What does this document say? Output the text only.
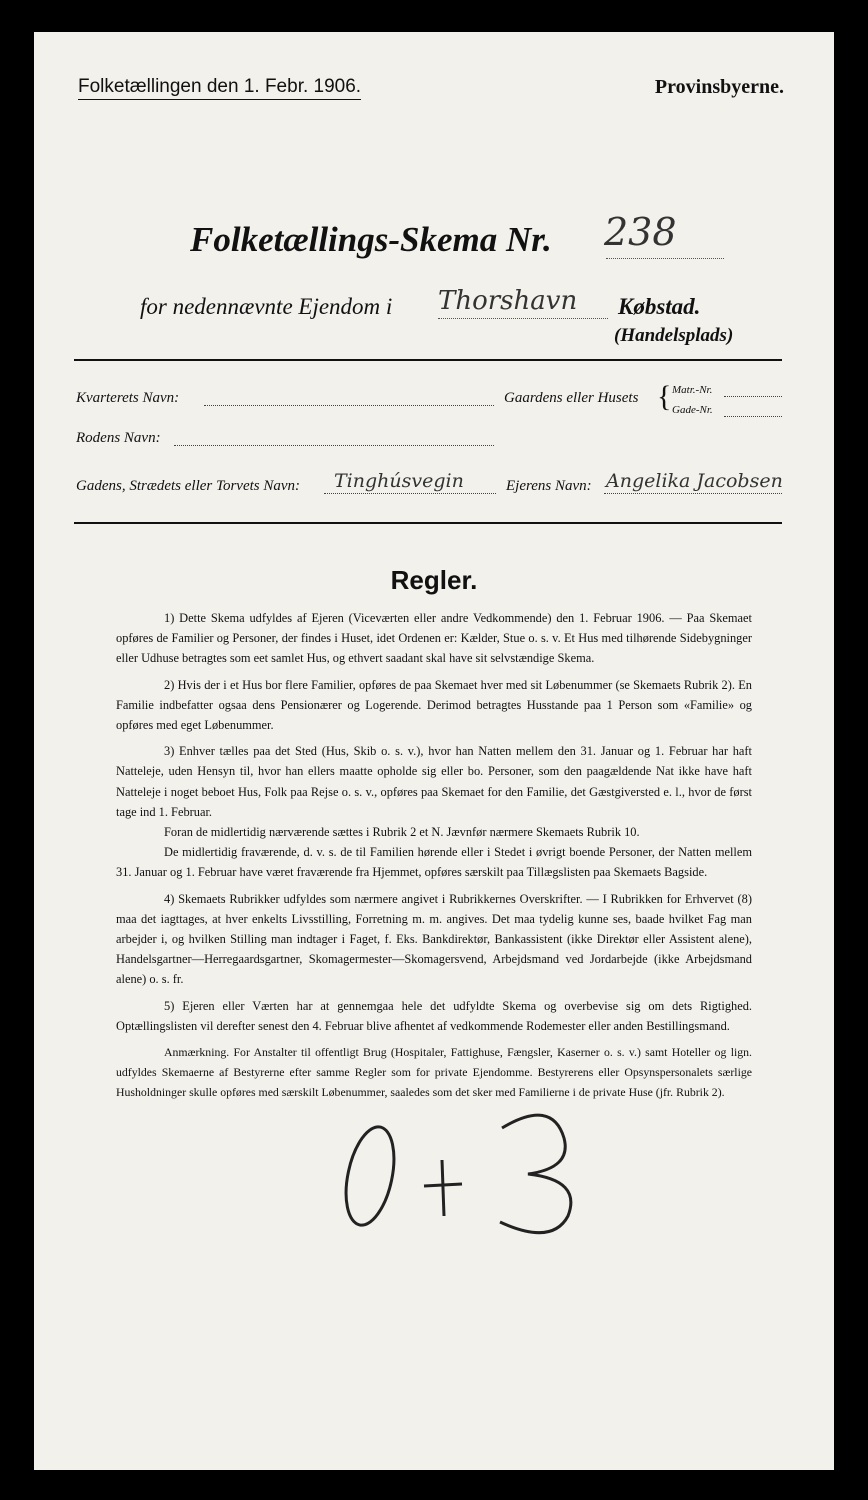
Folketællingen den 1. Febr. 1906.	Provinsbyerne.
Folketællings-Skema Nr. 238
for nedennævnte Ejendom i Thorshavn	Købstad.
(Handelsplads)
Kvarterets Navn:	Gaardens eller Husets { Matr.-Nr.
Gade-Nr.
Rodens Navn:
Gadens, Strædets eller Torvets Navn: Tinghúsvegin	Ejerens Navn: Angelika Jacobsen
Regler.

1) Dette Skema udfyldes af Ejeren (Viceværten eller andre Vedkommende) den 1. Februar 1906. — Paa Skemaet opføres de Familier og Personer, der findes i Huset, idet Ordenen er: Kælder, Stue o. s. v. Et Hus med tilhørende Sidebygninger eller Udhuse betragtes som eet samlet Hus, og ethvert saadant skal have sit selvstændige Skema.

2) Hvis der i et Hus bor flere Familier, opføres de paa Skemaet hver med sit Løbenummer (se Skemaets Rubrik 2). En Familie indbefatter ogsaa dens Pensionærer og Logerende. Derimod betragtes Husstande paa 1 Person som «Familie» og opføres med eget Løbenummer.

3) Enhver tælles paa det Sted (Hus, Skib o. s. v.), hvor han Natten mellem den 31. Januar og 1. Februar har haft Natteleje, uden Hensyn til, hvor han ellers maatte opholde sig eller bo. Personer, som den paagældende Nat ikke have haft Natteleje i noget beboet Hus, Folk paa Rejse o. s. v., opføres paa Skemaet for den Familie, det Gæstgiversted e. l., hvor de først tage ind 1. Februar.

Foran de midlertidig nærværende sættes i Rubrik 2 et N. Jævnfør nærmere Skemaets Rubrik 10.

De midlertidig fraværende, d. v. s. de til Familien hørende eller i Stedet i øvrigt boende Personer, der Natten mellem 31. Januar og 1. Februar have været fraværende fra Hjemmet, opføres særskilt paa Tillægslisten paa Skemaets Bagside.

4) Skemaets Rubrikker udfyldes som nærmere angivet i Rubrikkernes Overskrifter. — I Rubrikken for Erhvervet (8) maa det iagttages, at hver enkelts Livsstilling, Forretning m. m. angives. Det maa tydelig kunne ses, baade hvilket Fag man arbejder i, og hvilken Stilling man indtager i Faget, f. Eks. Bankdirektør, Bankassistent (ikke Direktør eller Assistent alene), Handelsgartner—Herregaardsgartner, Skomagermester—Skomagersvend, Arbejdsmand ved Jordarbejde (ikke Arbejdsmand alene) o. s. fr.

5) Ejeren eller Værten har at gennemgaa hele det udfyldte Skema og overbevise sig om dets Rigtighed. Optællingslisten vil derefter senest den 4. Februar blive afhentet af vedkommende Rodemester eller anden Bestillingsmand.

Anmærkning. For Anstalter til offentligt Brug (Hospitaler, Fattighuse, Fængsler, Kaserner o. s. v.) samt Hoteller og lign. udfyldes Skemaerne af Bestyrerne efter samme Regler som for private Ejendomme. Bestyrerens eller Opsynspersonalets særlige Husholdninger skulle opføres med særskilt Løbenummer, saaledes som det sker med Familierne i de private Huse (jfr. Rubrik 2).
